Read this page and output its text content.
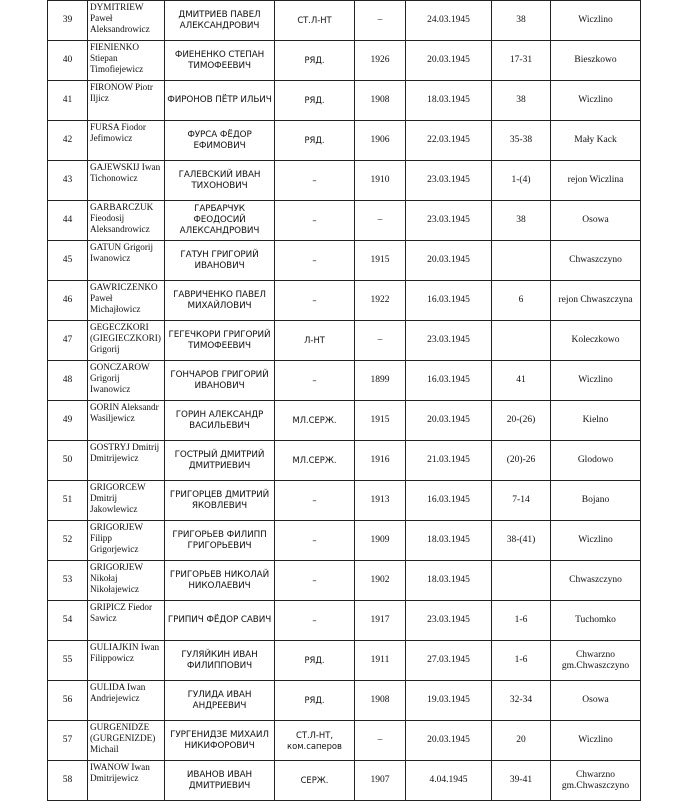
39	DYMITRIEW Paweł Aleksandrowicz	ДМИТРИЕВ ПАВЕЛ АЛЕКСАНДРОВИЧ	СТ.Л-НТ	–	24.03.1945	38	Wiczlino
40	FIENIENKO Stiepan Timofiejewicz	ФИЕНЕНКО СТЕПАН ТИМОФЕЕВИЧ	РЯД.	1926	20.03.1945	17-31	Bieszkowo
41	FIRONOW Piotr Iljicz	ФИРОНОВ ПЁТР ИЛЬИЧ	РЯД.	1908	18.03.1945	38	Wiczlino
42	FURSA Fiodor Jefimowicz	ФУРСА ФЁДОР ЕФИМОВИЧ	РЯД.	1906	22.03.1945	35-38	Mały Kack
43	GAJEWSKIJ Iwan Tichonowicz	ГАЛЕВСКИЙ ИВАН ТИХОНОВИЧ	–	1910	23.03.1945	1-(4)	rejon Wiczlina
44	GARBARCZUK Fieodosij Aleksandrowicz	ГАРБАРЧУК ФЕОДОСИЙ АЛЕКСАНДРОВИЧ	–	–	23.03.1945	38	Osowa
45	GATUN Grigorij Iwanowicz	ГАТУН ГРИГОРИЙ ИВАНОВИЧ	–	1915	20.03.1945		Chwaszczyno
46	GAWRICZENKO Paweł Michajłowicz	ГАВРИЧЕНКО ПАВЕЛ МИХАЙЛОВИЧ	–	1922	16.03.1945	6	rejon Chwaszczyna
47	GEGECZKORI (GIEGIECZKORI) Grigorij	ГЕГЕЧКОРИ ГРИГОРИЙ ТИМОФЕЕВИЧ	Л-НТ	–	23.03.1945		Koleczkowo
48	GONCZAROW Grigorij Iwanowicz	ГОНЧАРОВ ГРИГОРИЙ ИВАНОВИЧ	–	1899	16.03.1945	41	Wiczlino
49	GORIN Aleksandr Wasiljewicz	ГОРИН АЛЕКСАНДР ВАСИЛЬЕВИЧ	МЛ.СЕРЖ.	1915	20.03.1945	20-(26)	Kielno
50	GOSTRYJ Dmitrij Dmitrijewicz	ГОСТРЫЙ ДМИТРИЙ ДМИТРИЕВИЧ	МЛ.СЕРЖ.	1916	21.03.1945	(20)-26	Glodowo
51	GRIGORCEW Dmitrij Jakowlewicz	ГРИГОРЦЕВ ДМИТРИЙ ЯКОВЛЕВИЧ	–	1913	16.03.1945	7-14	Bojano
52	GRIGORJEW Filipp Grigorjewicz	ГРИГОРЬЕВ ФИЛИПП ГРИГОРЬЕВИЧ	–	1909	18.03.1945	38-(41)	Wiczlino
53	GRIGORJEW Nikołaj Nikołajewicz	ГРИГОРЬЕВ НИКОЛАЙ НИКОЛАЕВИЧ	–	1902	18.03.1945		Chwaszczyno
54	GRIPICZ Fiedor Sawicz	ГРИПИЧ ФЁДОР САВИЧ	–	1917	23.03.1945	1-6	Tuchomko
55	GULIAJKIN Iwan Filippowicz	ГУЛЯЙКИН ИВАН ФИЛИППОВИЧ	РЯД.	1911	27.03.1945	1-6	Chwarzno gm.Chwaszczyno
56	GULIDA Iwan Andriejewicz	ГУЛИДА ИВАН АНДРЕЕВИЧ	РЯД.	1908	19.03.1945	32-34	Osowa
57	GURGENIDZE (GURGENIZDE) Michail	ГУРГЕНИДЗЕ МИХАИЛ НИКИФОРОВИЧ	СТ.Л-НТ, ком.саперов	–	20.03.1945	20	Wiczlino
58	IWANOW Iwan Dmitrijewicz	ИВАНОВ ИВАН ДМИТРИЕВИЧ	СЕРЖ.	1907	4.04.1945	39-41	Chwarzno gm.Chwaszczyno
